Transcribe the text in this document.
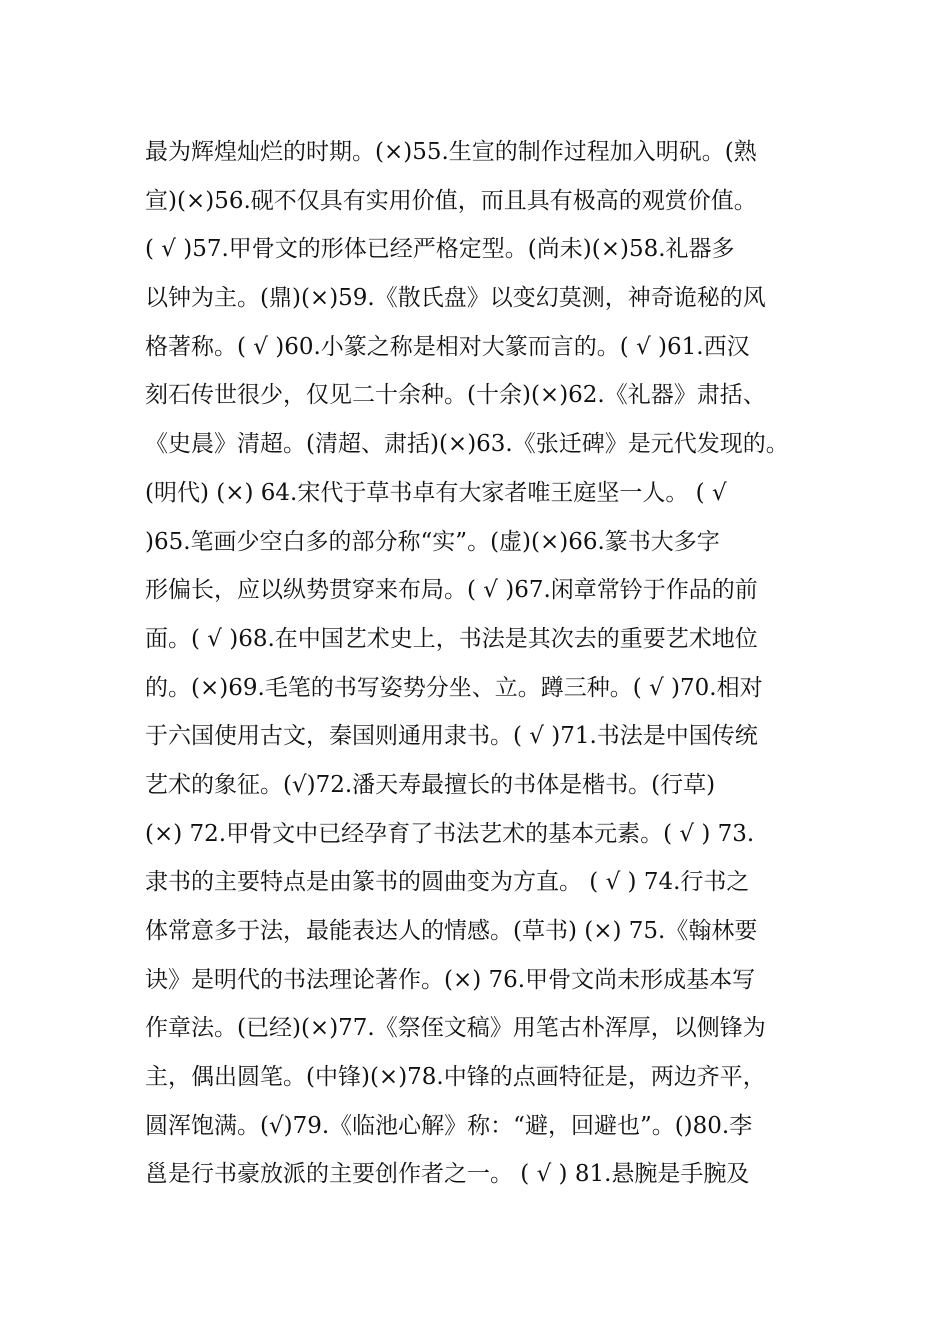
最为辉煌灿烂的时期。(×)55.生宣的制作过程加入明矾。(熟
宣)(×)56.砚不仅具有实用价值，而且具有极高的观赏价值。
( √ )57.甲骨文的形体已经严格定型。(尚未)(×)58.礼器多
以钟为主。(鼎)(×)59.《散氏盘》以变幻莫测，神奇诡秘的风
格著称。( √ )60.小篆之称是相对大篆而言的。( √ )61.西汉
刻石传世很少，仅见二十余种。(十余)(×)62.《礼器》肃括、
《史晨》清超。(清超、肃括)(×)63.《张迁碑》是元代发现的。
(明代) (×) 64.宋代于草书卓有大家者唯王庭坚一人。 ( √
)65.笔画少空白多的部分称“实”。(虚)(×)66.篆书大多字
形偏长，应以纵势贯穿来布局。( √ )67.闲章常钤于作品的前
面。( √ )68.在中国艺术史上，书法是其次去的重要艺术地位
的。(×)69.毛笔的书写姿势分坐、立。蹲三种。( √ )70.相对
于六国使用古文，秦国则通用隶书。( √ )71.书法是中国传统
艺术的象征。(√)72.潘天寿最擅长的书体是楷书。(行草)
(×) 72.甲骨文中已经孕育了书法艺术的基本元素。( √ ) 73.
隶书的主要特点是由篆书的圆曲变为方直。 ( √ ) 74.行书之
体常意多于法，最能表达人的情感。(草书) (×) 75.《翰林要
诀》是明代的书法理论著作。(×) 76.甲骨文尚未形成基本写
作章法。(已经)(×)77.《祭侄文稿》用笔古朴浑厚，以侧锋为
主，偶出圆笔。(中锋)(×)78.中锋的点画特征是，两边齐平，
圆浑饱满。(√)79.《临池心解》称：“避，回避也”。()80.李
邕是行书豪放派的主要创作者之一。 ( √ ) 81.悬腕是手腕及
